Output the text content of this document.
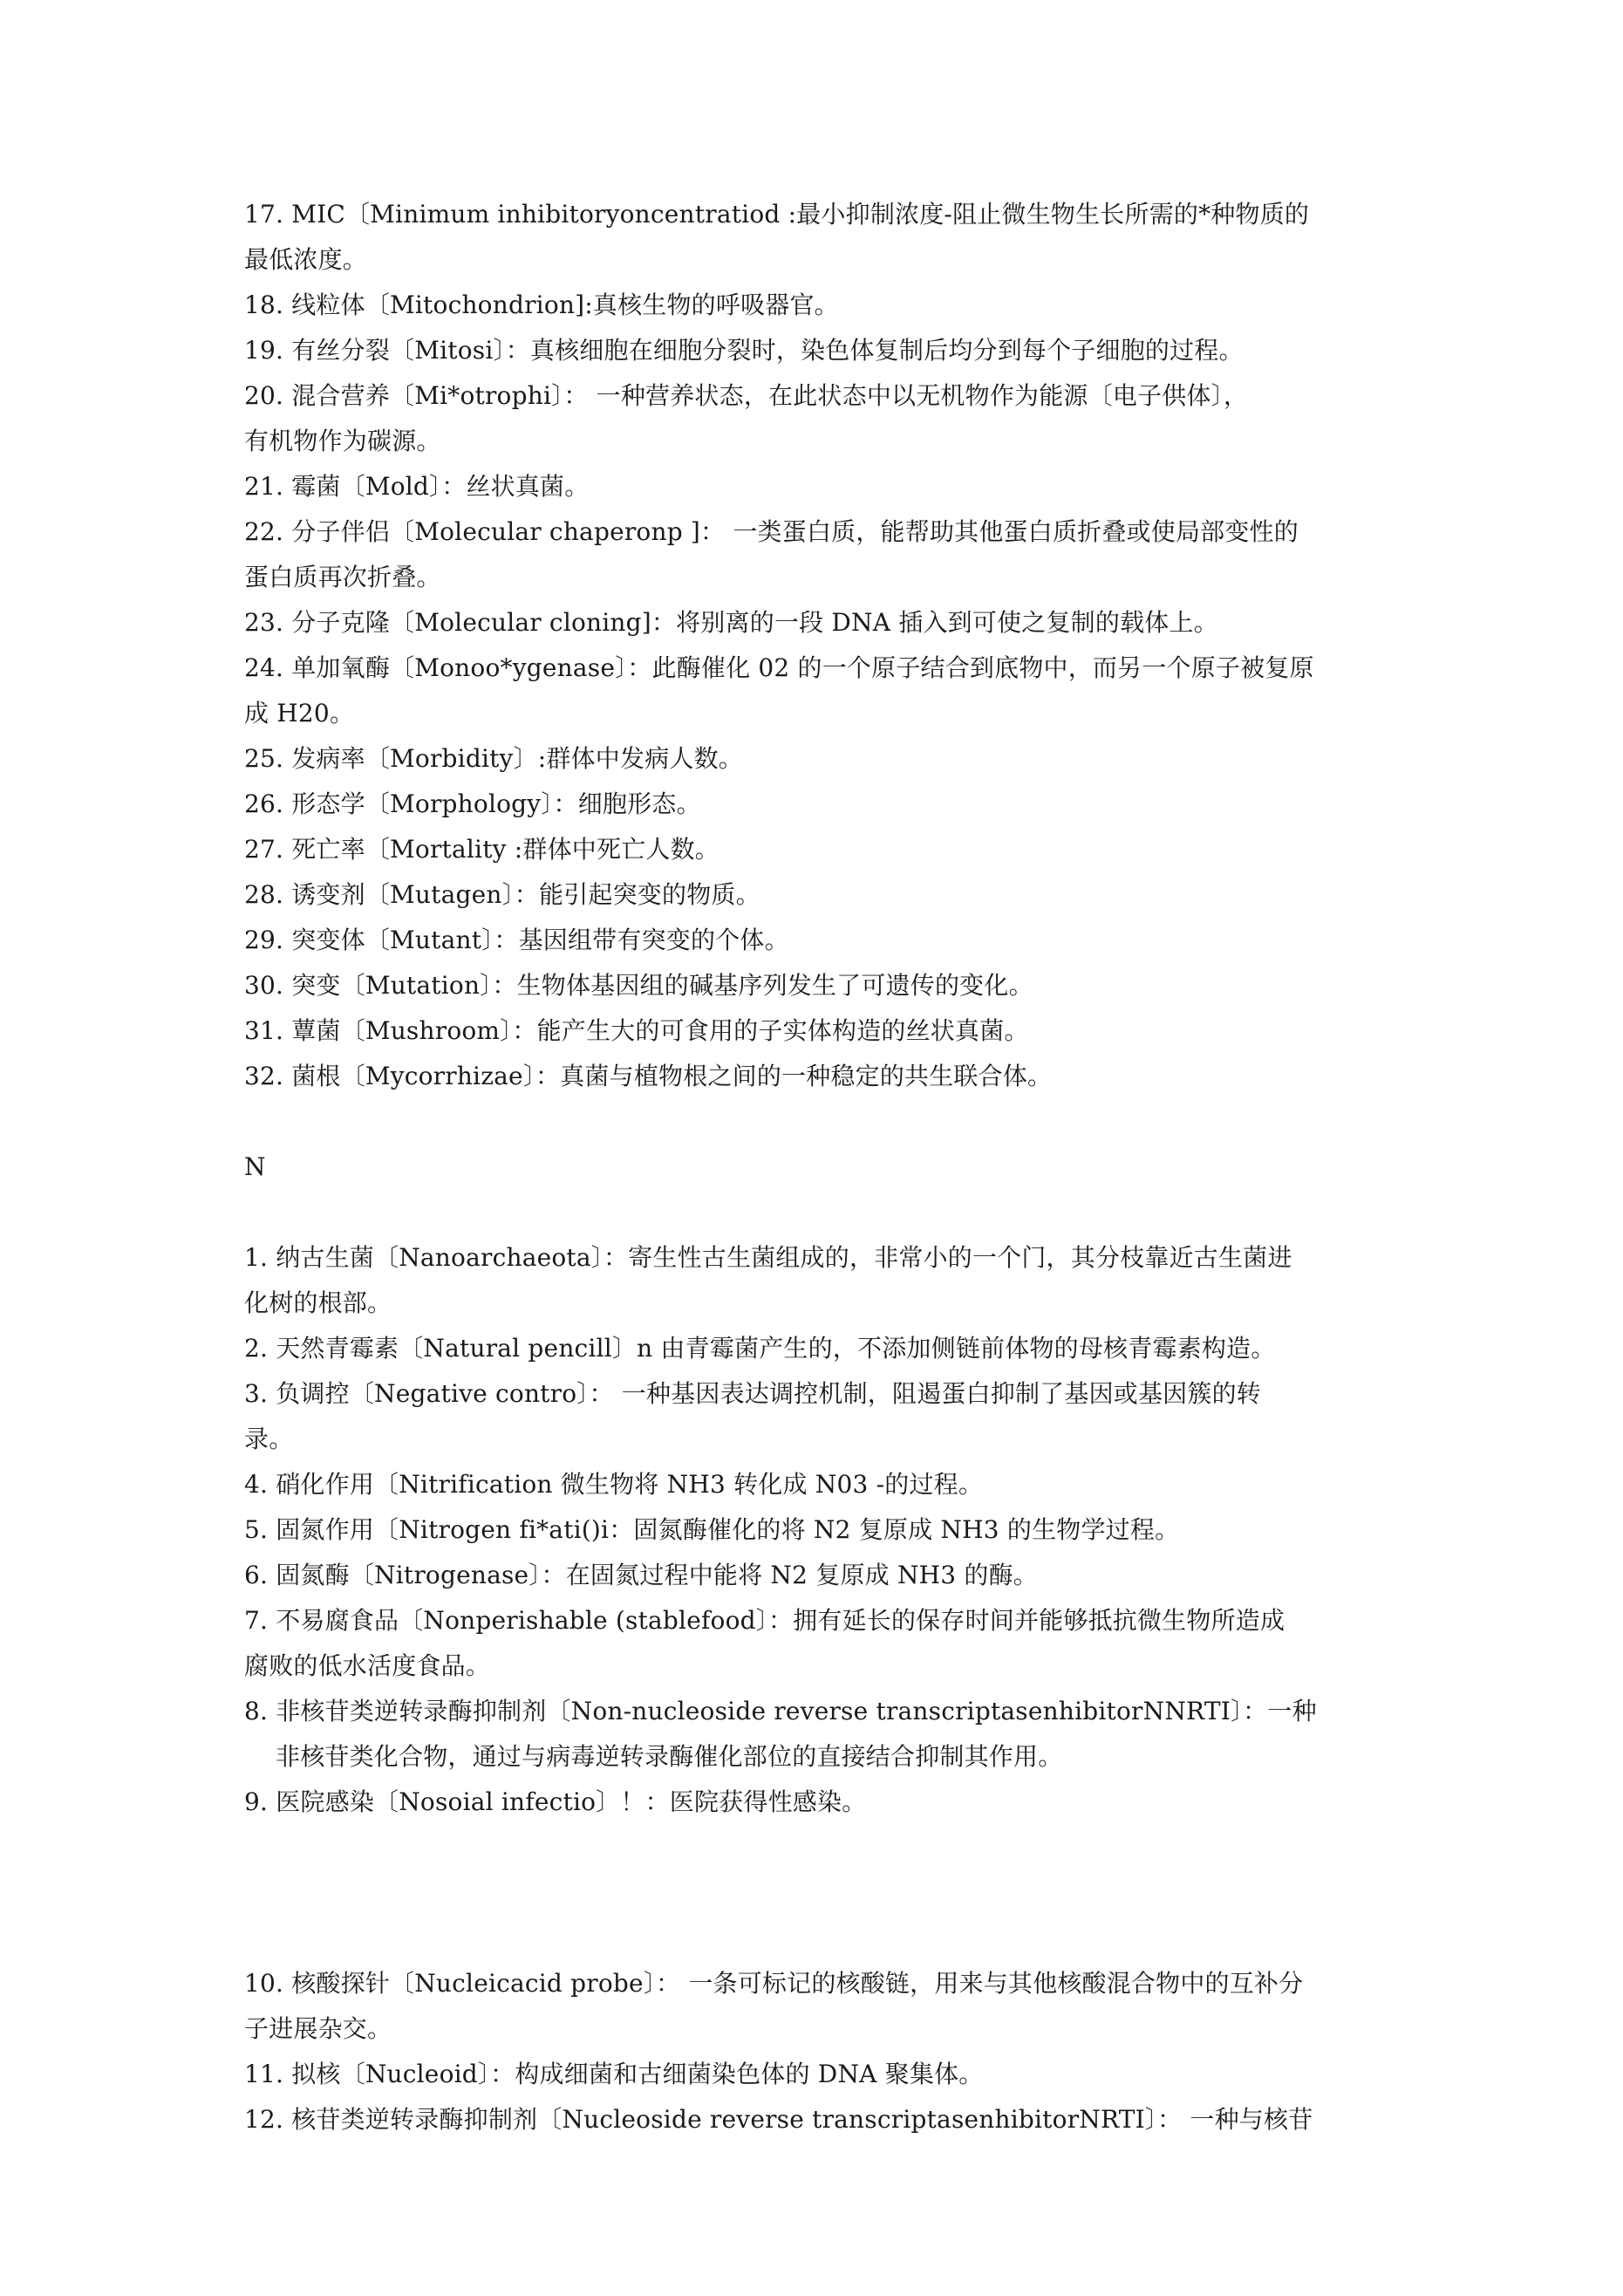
17. MIC〔Minimum inhibitoryoncentratiod :最小抑制浓度-阻止微生物生长所需的*种物质的
最低浓度。
18. 线粒体〔Mitochondrion]:真核生物的呼吸器官。
19. 有丝分裂〔Mitosi〕：真核细胞在细胞分裂时，染色体复制后均分到每个子细胞的过程。
20. 混合营养〔Mi*otrophi〕： 一种营养状态，在此状态中以无机物作为能源〔电子供体〕，
有机物作为碳源。
21. 霉菌〔Mold〕：丝状真菌。
22. 分子伴侣〔Molecular chaperonp ]： 一类蛋白质，能帮助其他蛋白质折叠或使局部变性的
蛋白质再次折叠。
23. 分子克隆〔Molecular cloning]：将别离的一段 DNA 插入到可使之复制的载体上。
24. 单加氧酶〔Monoo*ygenase〕：此酶催化 02 的一个原子结合到底物中，而另一个原子被复原
成 H20。
25. 发病率〔Morbidity〕:群体中发病人数。
26. 形态学〔Morphology〕：细胞形态。
27. 死亡率〔Mortality :群体中死亡人数。
28. 诱变剂〔Mutagen〕：能引起突变的物质。
29. 突变体〔Mutant〕：基因组带有突变的个体。
30. 突变〔Mutation〕：生物体基因组的碱基序列发生了可遗传的变化。
31. 蕈菌〔Mushroom〕：能产生大的可食用的子实体构造的丝状真菌。
32. 菌根〔Mycorrhizae〕：真菌与植物根之间的一种稳定的共生联合体。
N
1. 纳古生菌〔Nanoarchaeota〕：寄生性古生菌组成的，非常小的一个门，其分枝靠近古生菌进
化树的根部。
2. 天然青霉素〔Natural pencill〕n 由青霉菌产生的，不添加侧链前体物的母核青霉素构造。
3. 负调控〔Negative contro〕： 一种基因表达调控机制，阻遏蛋白抑制了基因或基因簇的转
录。
4. 硝化作用〔Nitrification 微生物将 NH3 转化成 N03 -的过程。
5. 固氮作用〔Nitrogen fi*ati()i：固氮酶催化的将 N2 复原成 NH3 的生物学过程。
6. 固氮酶〔Nitrogenase〕：在固氮过程中能将 N2 复原成 NH3 的酶。
7. 不易腐食品〔Nonperishable (stablefood〕：拥有延长的保存时间并能够抵抗微生物所造成
腐败的低水活度食品。
8. 非核苷类逆转录酶抑制剂〔Non-nucleoside reverse transcriptasenhibitorNNRTI〕：一种
非核苷类化合物，通过与病毒逆转录酶催化部位的直接结合抑制其作用。
9. 医院感染〔Nosoial infectio〕！：医院获得性感染。
10. 核酸探针〔Nucleicacid probe〕： 一条可标记的核酸链，用来与其他核酸混合物中的互补分
子进展杂交。
11. 拟核〔Nucleoid〕：构成细菌和古细菌染色体的 DNA 聚集体。
12. 核苷类逆转录酶抑制剂〔Nucleoside reverse transcriptasenhibitorNRTI〕： 一种与核苷
